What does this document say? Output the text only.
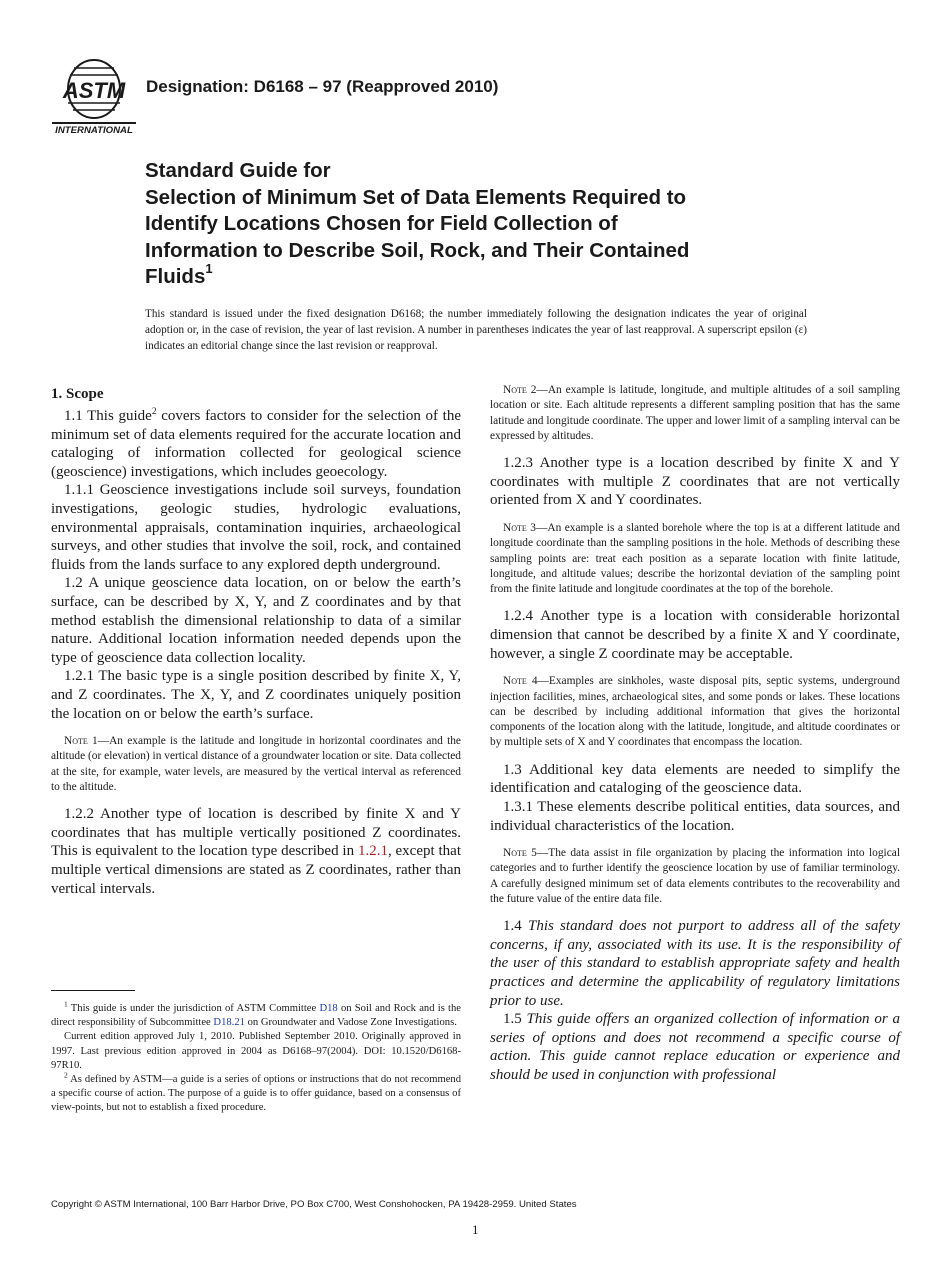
ASTM
INTERNATIONAL
Designation: D6168 – 97 (Reapproved 2010)
Standard Guide for
Selection of Minimum Set of Data Elements Required to
Identify Locations Chosen for Field Collection of
Information to Describe Soil, Rock, and Their Contained
Fluids$^1$
This standard is issued under the fixed designation D6168; the number immediately following the designation indicates the year of original adoption or, in the case of revision, the year of last revision. A number in parentheses indicates the year of last reapproval. A superscript epsilon (ε) indicates an editorial change since the last revision or reapproval.
1. Scope

1.1 This guide$^2$ covers factors to consider for the selection of the minimum set of data elements required for the accurate location and cataloging of information collected for geological science (geoscience) investigations, which includes geoecology.

1.1.1 Geoscience investigations include soil surveys, foundation investigations, geologic studies, hydrologic evaluations, environmental appraisals, contamination inquiries, archaeological surveys, and other studies that involve the soil, rock, and contained fluids from the lands surface to any explored depth underground.

1.2 A unique geoscience data location, on or below the earth’s surface, can be described by X, Y, and Z coordinates and by that method establish the dimensional relationship to data of a similar nature. Additional location information needed depends upon the type of geoscience data collection locality.

1.2.1 The basic type is a single position described by finite X, Y, and Z coordinates. The X, Y, and Z coordinates uniquely position the location on or below the earth’s surface.

Note 1—An example is the latitude and longitude in horizontal coordinates and the altitude (or elevation) in vertical distance of a groundwater location or site. Data collected at the site, for example, water levels, are measured by the vertical interval as referenced to the altitude.

1.2.2 Another type of location is described by finite X and Y coordinates that has multiple vertically positioned Z coordinates. This is equivalent to the location type described in 1.2.1, except that multiple vertical dimensions are stated as Z coordinates, rather than vertical intervals.

Note 2—An example is latitude, longitude, and multiple altitudes of a soil sampling location or site. Each altitude represents a different sampling position that has the same latitude and longitude coordinate. The upper and lower limit of a sampling interval can be expressed by altitudes.

1.2.3 Another type is a location described by finite X and Y coordinates with multiple Z coordinates that are not vertically oriented from X and Y coordinates.

Note 3—An example is a slanted borehole where the top is at a different latitude and longitude coordinate than the sampling positions in the hole. Methods of describing these sampling points are: treat each position as a separate location with finite latitude, longitude, and altitude values; describe the horizontal deviation of the sampling point from the finite latitude and longitude coordinates at the top of the borehole.

1.2.4 Another type is a location with considerable horizontal dimension that cannot be described by a finite X and Y coordinate, however, a single Z coordinate may be acceptable.

Note 4—Examples are sinkholes, waste disposal pits, septic systems, underground injection facilities, mines, archaeological sites, and some ponds or lakes. These locations can be described by including additional information that gives the horizontal components of the location along with the latitude, longitude, and altitude coordinates or by multiple sets of X and Y coordinates that encompass the location.

1.3 Additional key data elements are needed to simplify the identification and cataloging of the geoscience data.

1.3.1 These elements describe political entities, data sources, and individual characteristics of the location.

Note 5—The data assist in file organization by placing the information into logical categories and to further identify the geoscience location by use of familiar terminology. A carefully designed minimum set of data elements contributes to the recoverability and the future value of the entire data file.

1.4 This standard does not purport to address all of the safety concerns, if any, associated with its use. It is the responsibility of the user of this standard to establish appropriate safety and health practices and determine the applicability of regulatory limitations prior to use.

1.5 This guide offers an organized collection of information or a series of options and does not recommend a specific course of action. This guide cannot replace education or experience and should be used in conjunction with professional

$^1$ This guide is under the jurisdiction of ASTM Committee D18 on Soil and Rock and is the direct responsibility of Subcommittee D18.21 on Groundwater and Vadose Zone Investigations.

Current edition approved July 1, 2010. Published September 2010. Originally approved in 1997. Last previous edition approved in 2004 as D6168–97(2004). DOI: 10.1520/D6168-97R10.

$^2$ As defined by ASTM—a guide is a series of options or instructions that do not recommend a specific course of action. The purpose of a guide is to offer guidance, based on a consensus of view-points, but not to establish a fixed procedure.

Copyright © ASTM International, 100 Barr Harbor Drive, PO Box C700, West Conshohocken, PA 19428-2959. United States
1
